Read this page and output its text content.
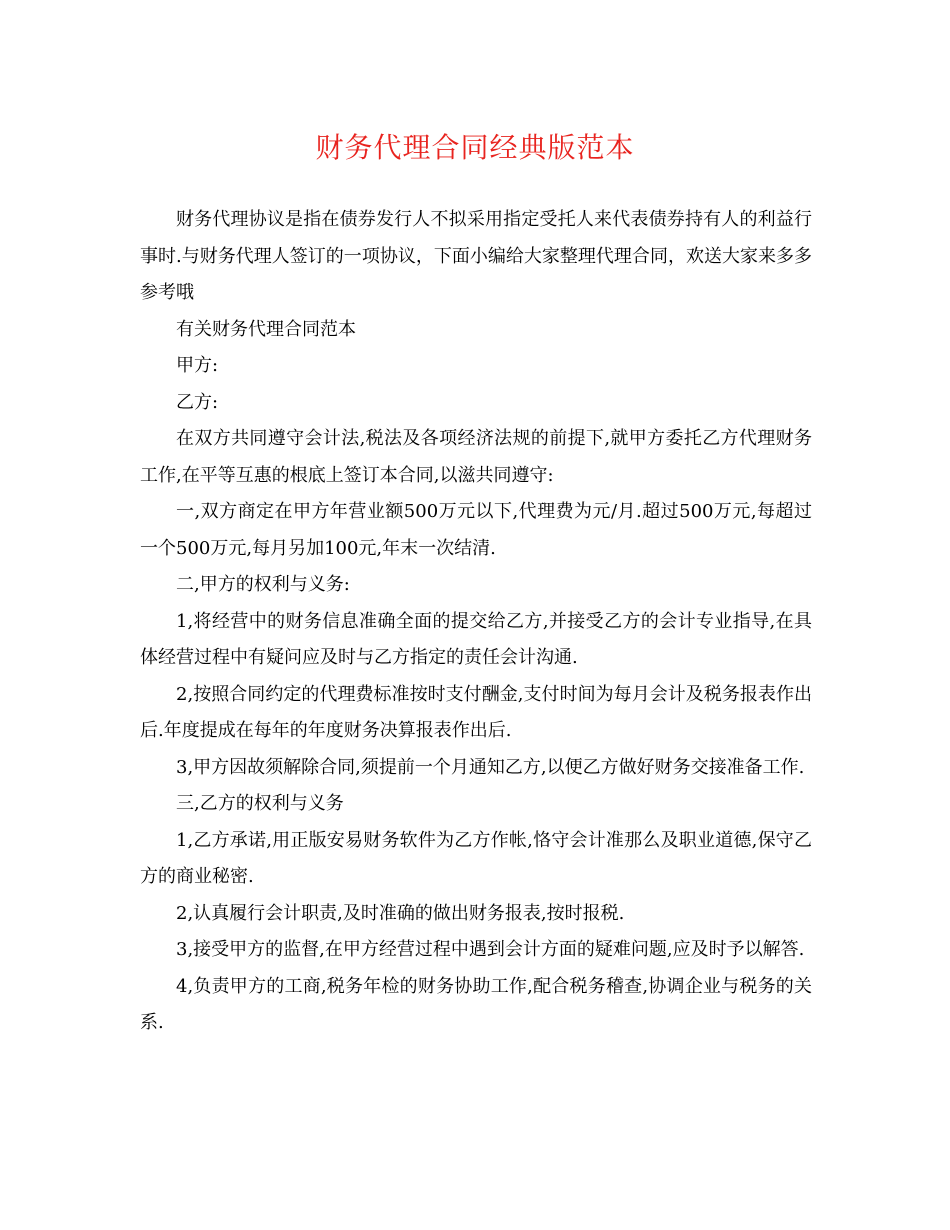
财务代理合同经典版范本

财务代理协议是指在债券发行人不拟采用指定受托人来代表债券持有人的利益行事时.与财务代理人签订的一项协议，下面小编给大家整理代理合同，欢送大家来多多参考哦

有关财务代理合同范本

甲方:

乙方:

在双方共同遵守会计法,税法及各项经济法规的前提下,就甲方委托乙方代理财务工作,在平等互惠的根底上签订本合同,以滋共同遵守:

一,双方商定在甲方年营业额500万元以下,代理费为元/月.超过500万元,每超过一个500万元,每月另加100元,年末一次结清.

二,甲方的权利与义务:

1,将经营中的财务信息准确全面的提交给乙方,并接受乙方的会计专业指导,在具体经营过程中有疑问应及时与乙方指定的责任会计沟通.

2,按照合同约定的代理费标准按时支付酬金,支付时间为每月会计及税务报表作出后.年度提成在每年的年度财务决算报表作出后.

3,甲方因故须解除合同,须提前一个月通知乙方,以便乙方做好财务交接准备工作.

三,乙方的权利与义务

1,乙方承诺,用正版安易财务软件为乙方作帐,恪守会计准那么及职业道德,保守乙方的商业秘密.

2,认真履行会计职责,及时准确的做出财务报表,按时报税.

3,接受甲方的监督,在甲方经营过程中遇到会计方面的疑难问题,应及时予以解答.

4,负责甲方的工商,税务年检的财务协助工作,配合税务稽查,协调企业与税务的关系.
